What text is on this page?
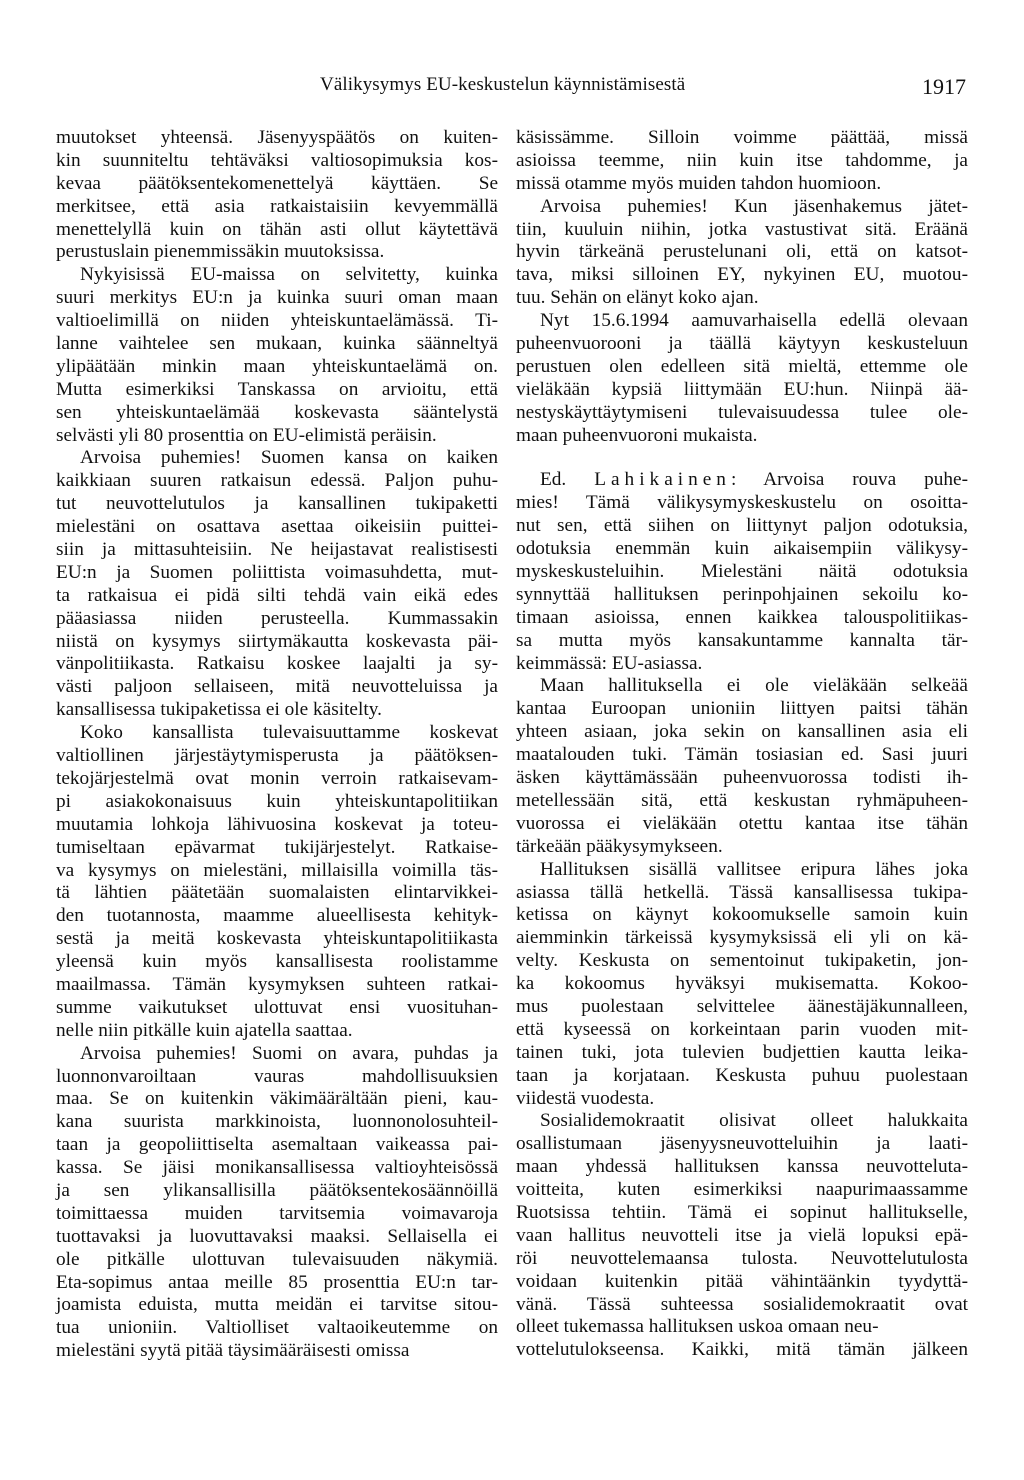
Välikysymys EU-keskustelun käynnistämisestä	1917
muutokset yhteensä. Jäsenyyspäätös on kuiten-
kin suunniteltu tehtäväksi valtiosopimuksia kos-
kevaa päätöksentekomenettelyä käyttäen. Se
merkitsee, että asia ratkaistaisiin kevyemmällä
menettelyllä kuin on tähän asti ollut käytettävä
perustuslain pienemmissäkin muutoksissa.
Nykyisissä EU-maissa on selvitetty, kuinka
suuri merkitys EU:n ja kuinka suuri oman maan
valtioelimillä on niiden yhteiskuntaelämässä. Ti-
lanne vaihtelee sen mukaan, kuinka säänneltyä
ylipäätään minkin maan yhteiskuntaelämä on.
Mutta esimerkiksi Tanskassa on arvioitu, että
sen yhteiskuntaelämää koskevasta sääntelystä
selvästi yli 80 prosenttia on EU-elimistä peräisin.
Arvoisa puhemies! Suomen kansa on kaiken
kaikkiaan suuren ratkaisun edessä. Paljon puhu-
tut neuvottelutulos ja kansallinen tukipaketti
mielestäni on osattava asettaa oikeisiin puittei-
siin ja mittasuhteisiin. Ne heijastavat realistisesti
EU:n ja Suomen poliittista voimasuhdetta, mut-
ta ratkaisua ei pidä silti tehdä vain eikä edes
pääasiassa niiden perusteella. Kummassakin
niistä on kysymys siirtymäkautta koskevasta päi-
vänpolitiikasta. Ratkaisu koskee laajalti ja sy-
västi paljoon sellaiseen, mitä neuvotteluissa ja
kansallisessa tukipaketissa ei ole käsitelty.
Koko kansallista tulevaisuuttamme koskevat
valtiollinen järjestäytymisperusta ja päätöksen-
tekojärjestelmä ovat monin verroin ratkaisevam-
pi asiakokonaisuus kuin yhteiskuntapolitiikan
muutamia lohkoja lähivuosina koskevat ja toteu-
tumiseltaan epävarmat tukijärjestelyt. Ratkaise-
va kysymys on mielestäni, millaisilla voimilla täs-
tä lähtien päätetään suomalaisten elintarvikkei-
den tuotannosta, maamme alueellisesta kehityk-
sestä ja meitä koskevasta yhteiskuntapolitiikasta
yleensä kuin myös kansallisesta roolistamme
maailmassa. Tämän kysymyksen suhteen ratkai-
summe vaikutukset ulottuvat ensi vuosituhan-
nelle niin pitkälle kuin ajatella saattaa.
Arvoisa puhemies! Suomi on avara, puhdas ja
luonnonvaroiltaan vauras mahdollisuuksien
maa. Se on kuitenkin väkimäärältään pieni, kau-
kana suurista markkinoista, luonnonolosuhteil-
taan ja geopoliittiselta asemaltaan vaikeassa pai-
kassa. Se jäisi monikansallisessa valtioyhteisössä
ja sen ylikansallisilla päätöksentekosäännöillä
toimittaessa muiden tarvitsemia voimavaroja
tuottavaksi ja luovuttavaksi maaksi. Sellaisella ei
ole pitkälle ulottuvan tulevaisuuden näkymiä.
Eta-sopimus antaa meille 85 prosenttia EU:n tar-
joamista eduista, mutta meidän ei tarvitse sitou-
tua unioniin. Valtiolliset valtaoikeutemme on
mielestäni syytä pitää täysimääräisesti omissa
käsissämme. Silloin voimme päättää, missä
asioissa teemme, niin kuin itse tahdomme, ja
missä otamme myös muiden tahdon huomioon.
Arvoisa puhemies! Kun jäsenhakemus jätet-
tiin, kuuluin niihin, jotka vastustivat sitä. Eräänä
hyvin tärkeänä perustelunani oli, että on katsot-
tava, miksi silloinen EY, nykyinen EU, muotou-
tuu. Sehän on elänyt koko ajan.
Nyt 15.6.1994 aamuvarhaisella edellä olevaan
puheenvuorooni ja täällä käytyyn keskusteluun
perustuen olen edelleen sitä mieltä, ettemme ole
vieläkään kypsiä liittymään EU:hun. Niinpä ää-
nestyskäyttäytymiseni tulevaisuudessa tulee ole-
maan puheenvuoroni mukaista.
Ed. Lahikainen: Arvoisa rouva puhe-
mies! Tämä välikysymyskeskustelu on osoitta-
nut sen, että siihen on liittynyt paljon odotuksia,
odotuksia enemmän kuin aikaisempiin välikysy-
myskeskusteluihin. Mielestäni näitä odotuksia
synnyttää hallituksen perinpohjainen sekoilu ko-
timaan asioissa, ennen kaikkea talouspolitiikas-
sa mutta myös kansakuntamme kannalta tär-
keimmässä: EU-asiassa.
Maan hallituksella ei ole vieläkään selkeää
kantaa Euroopan unioniin liittyen paitsi tähän
yhteen asiaan, joka sekin on kansallinen asia eli
maatalouden tuki. Tämän tosiasian ed. Sasi juuri
äsken käyttämässään puheenvuorossa todisti ih-
metellessään sitä, että keskustan ryhmäpuheen-
vuorossa ei vieläkään otettu kantaa itse tähän
tärkeään pääkysymykseen.
Hallituksen sisällä vallitsee eripura lähes joka
asiassa tällä hetkellä. Tässä kansallisessa tukipa-
ketissa on käynyt kokoomukselle samoin kuin
aiemminkin tärkeissä kysymyksissä eli yli on kä-
velty. Keskusta on sementoinut tukipaketin, jon-
ka kokoomus hyväksyi mukisematta. Kokoo-
mus puolestaan selvittelee äänestäjäkunnalleen,
että kyseessä on korkeintaan parin vuoden mit-
tainen tuki, jota tulevien budjettien kautta leika-
taan ja korjataan. Keskusta puhuu puolestaan
viidestä vuodesta.
Sosialidemokraatit olisivat olleet halukkaita
osallistumaan jäsenyysneuvotteluihin ja laati-
maan yhdessä hallituksen kanssa neuvotteluta-
voitteita, kuten esimerkiksi naapurimaassamme
Ruotsissa tehtiin. Tämä ei sopinut hallitukselle,
vaan hallitus neuvotteli itse ja vielä lopuksi epä-
röi neuvottelemaansa tulosta. Neuvottelutulosta
voidaan kuitenkin pitää vähintäänkin tyydyttä-
vänä. Tässä suhteessa sosialidemokraatit ovat
olleet tukemassa hallituksen uskoa omaan neu-
vottelutulokseensa. Kaikki, mitä tämän jälkeen
